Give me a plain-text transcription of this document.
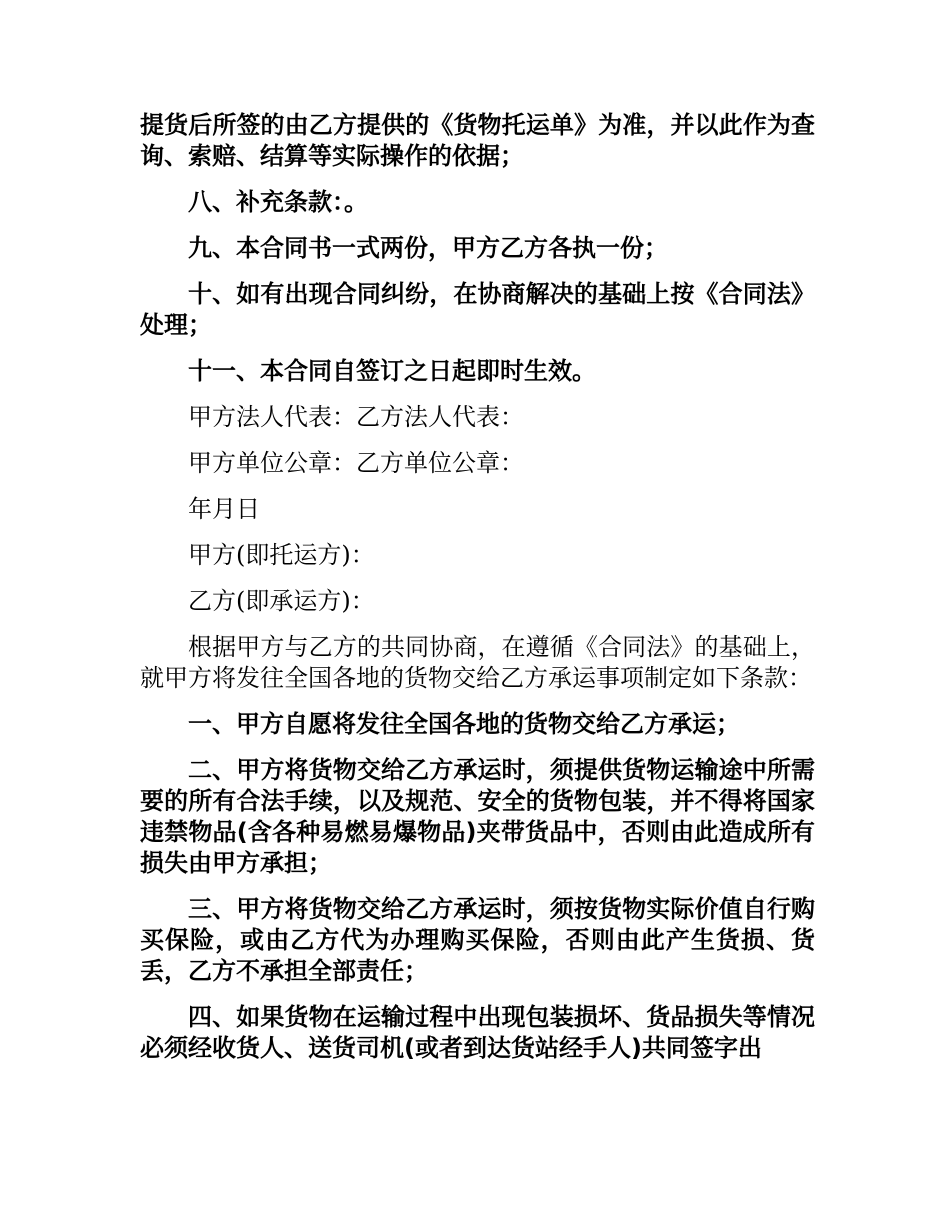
提货后所签的由乙方提供的《货物托运单》为准，并以此作为查询、索赔、结算等实际操作的依据；

八、补充条款：。

九、本合同书一式两份，甲方乙方各执一份；

十、如有出现合同纠纷，在协商解决的基础上按《合同法》处理；

十一、本合同自签订之日起即时生效。

甲方法人代表：乙方法人代表：

甲方单位公章：乙方单位公章：

年月日

甲方(即托运方)：

乙方(即承运方)：

根据甲方与乙方的共同协商，在遵循《合同法》的基础上，就甲方将发往全国各地的货物交给乙方承运事项制定如下条款：

一、甲方自愿将发往全国各地的货物交给乙方承运；

二、甲方将货物交给乙方承运时，须提供货物运输途中所需要的所有合法手续，以及规范、安全的货物包装，并不得将国家违禁物品(含各种易燃易爆物品)夹带货品中，否则由此造成所有损失由甲方承担；

三、甲方将货物交给乙方承运时，须按货物实际价值自行购买保险，或由乙方代为办理购买保险，否则由此产生货损、货丢，乙方不承担全部责任；

四、如果货物在运输过程中出现包装损坏、货品损失等情况必须经收货人、送货司机(或者到达货站经手人)共同签字出
